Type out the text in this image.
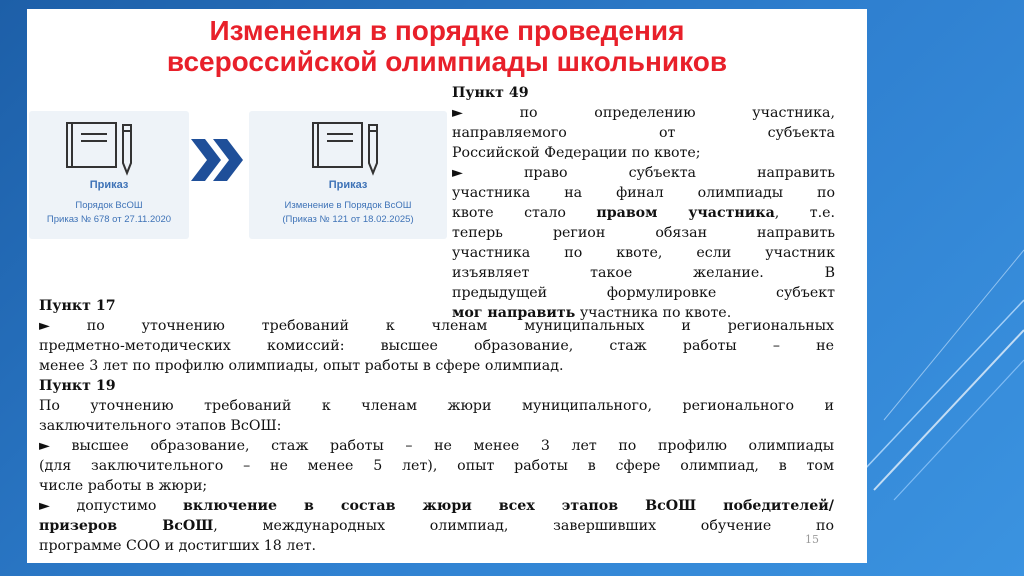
Изменения в порядке проведения
всероссийской олимпиады школьников
Приказ
Порядок ВсОШ
Приказ № 678 от 27.11.2020
Приказ
Изменение в Порядок ВсОШ
(Приказ № 121 от 18.02.2025)
Пункт 49
► по определению участника,
направляемого от субъекта
Российской Федерации по квоте;
► право субъекта направить
участника на финал олимпиады по
квоте стало правом участника, т.е.
теперь регион обязан направить
участника по квоте, если участник
изъявляет такое желание. В
предыдущей формулировке субъект
мог направить участника по квоте.
Пункт 17
► по уточнению требований к членам муниципальных и региональных
предметно-методических комиссий: высшее образование, стаж работы – не
менее 3 лет по профилю олимпиады, опыт работы в сфере олимпиад.
Пункт 19
По уточнению требований к членам жюри муниципального, регионального и
заключительного этапов ВсОШ:
► высшее образование, стаж работы – не менее 3 лет по профилю олимпиады
(для заключительного – не менее 5 лет), опыт работы в сфере олимпиад, в том
числе работы в жюри;
► допустимо включение в состав жюри всех этапов ВсОШ победителей/
призеров ВсОШ, международных олимпиад, завершивших обучение по
программе СОО и достигших 18 лет.	15
